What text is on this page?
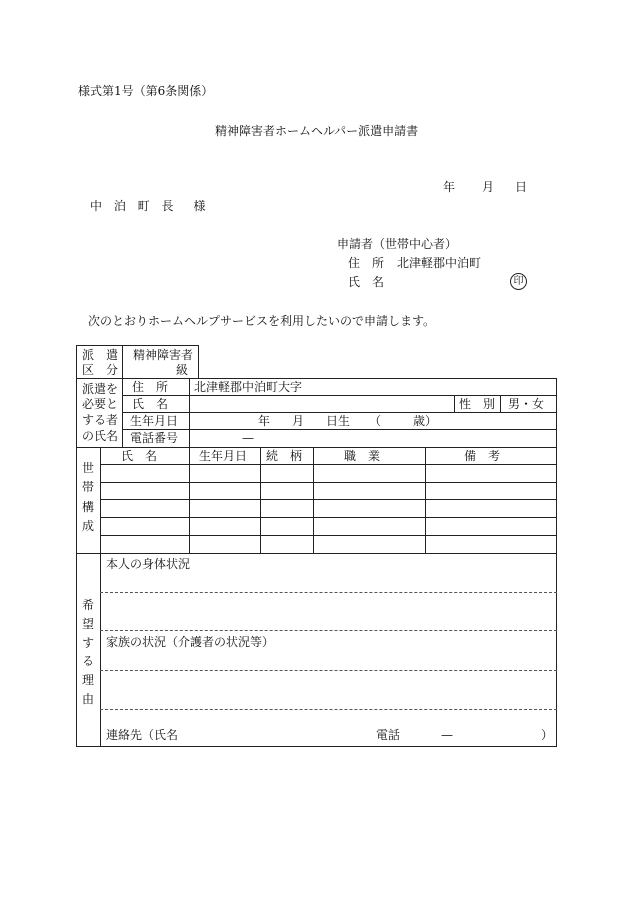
様式第1号（第6条関係）
精神障害者ホームヘルパー派遣申請書
年 月 日
中 泊 町 長　様
申請者（世帯中心者）
住　所 北津軽郡中泊町
氏　名	印
次のとおりホームヘルプサービスを利用したいので申請します。
派　遣
区　分
精神障害者
級
派遣を
必要と
する者
の氏名
住　所 北津軽郡中泊町大字
氏　名	性　別 男・女
生年月日	年 月 日生 （	歳）
電話番号	—
世
帯
構
成
氏　名	生年月日 続　柄	職　業	備　考
希
望
す
る
理
由
本人の身体状況
家族の状況（介護者の状況等）
連絡先（氏名	電話	—	）
